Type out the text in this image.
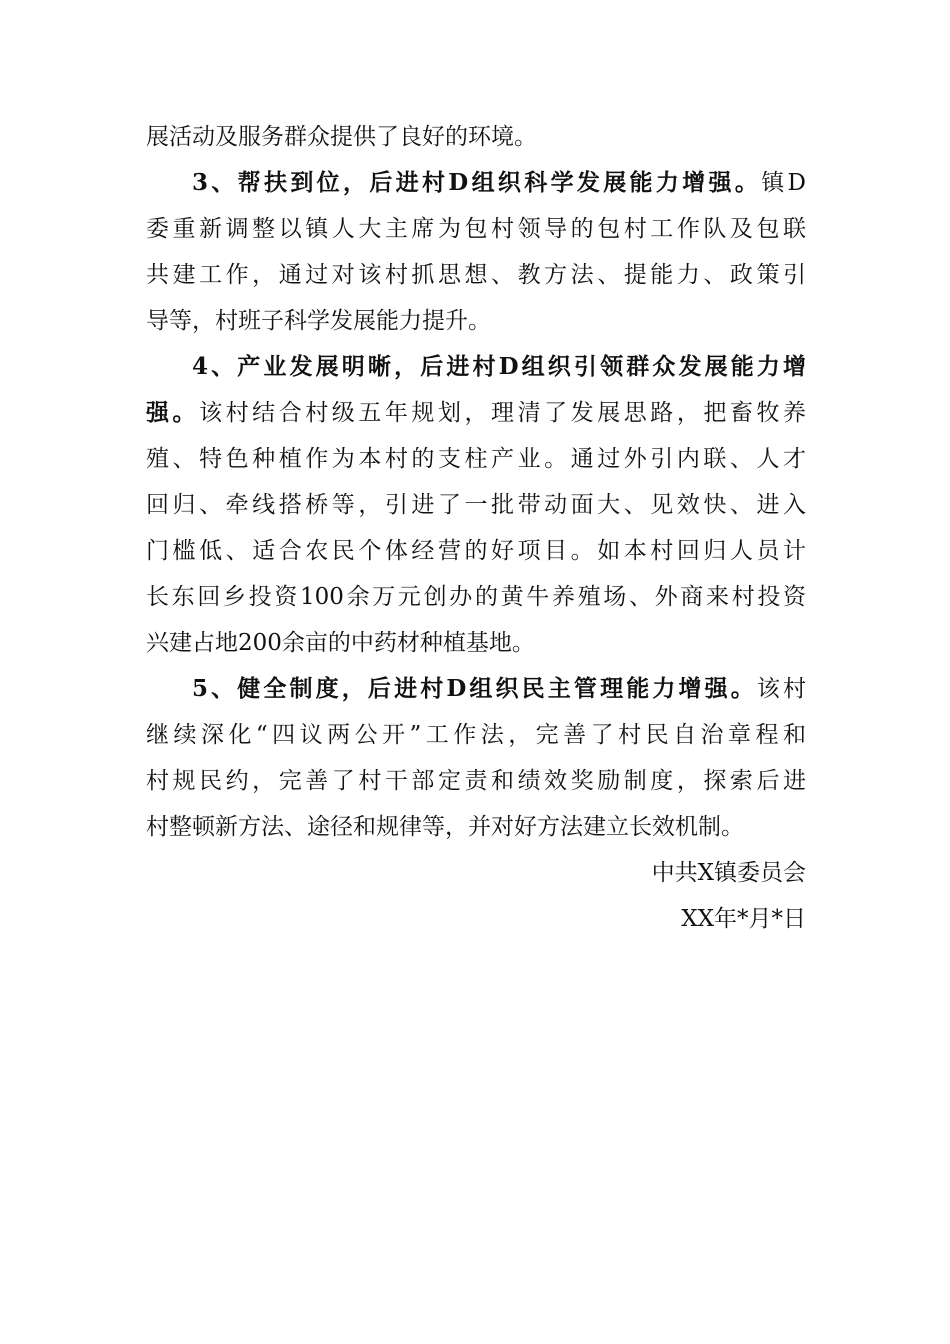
展活动及服务群众提供了良好的环境。
3、帮扶到位，后进村D组织科学发展能力增强。镇D
委重新调整以镇人大主席为包村领导的包村工作队及包联
共建工作，通过对该村抓思想、教方法、提能力、政策引
导等，村班子科学发展能力提升。
4、产业发展明晰，后进村D组织引领群众发展能力增
强。该村结合村级五年规划，理清了发展思路，把畜牧养
殖、特色种植作为本村的支柱产业。通过外引内联、人才
回归、牵线搭桥等，引进了一批带动面大、见效快、进入
门槛低、适合农民个体经营的好项目。如本村回归人员计
长东回乡投资100余万元创办的黄牛养殖场、外商来村投资
兴建占地200余亩的中药材种植基地。
5、健全制度，后进村D组织民主管理能力增强。该村
继续深化“四议两公开”工作法，完善了村民自治章程和
村规民约，完善了村干部定责和绩效奖励制度，探索后进
村整顿新方法、途径和规律等，并对好方法建立长效机制。
中共X镇委员会
XX年*月*日
